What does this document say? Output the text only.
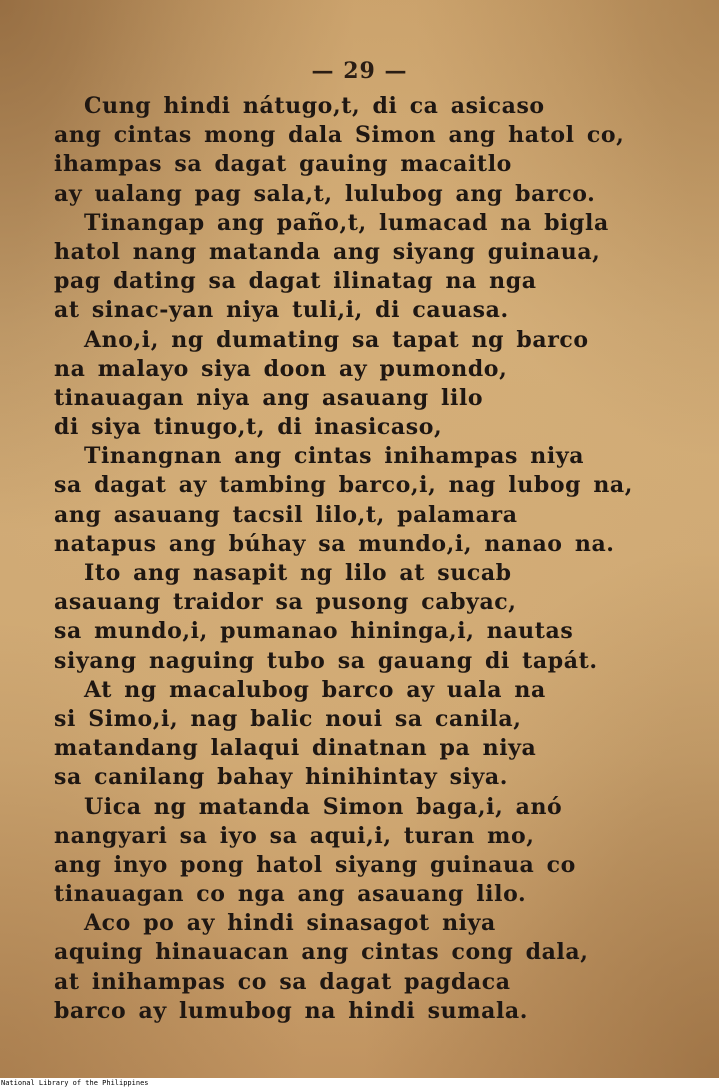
— 29 —
Cung hindi nátugo,t, di ca asicaso
ang cintas mong dala Simon ang hatol co,
ihampas sa dagat gauing macaitlo
ay ualang pag sala,t, lulubog ang barco.
Tinangap ang paño,t, lumacad na bigla
hatol nang matanda ang siyang guinaua,
pag dating sa dagat ilinatag na nga
at sinac-yan niya tuli,i, di cauasa.
Ano,i, ng dumating sa tapat ng barco
na malayo siya doon ay pumondo,
tinauagan niya ang asauang lilo
di siya tinugo,t, di inasicaso,
Tinangnan ang cintas inihampas niya
sa dagat ay tambing barco,i, nag lubog na,
ang asauang tacsil lilo,t, palamara
natapus ang búhay sa mundo,i, nanao na.
Ito ang nasapit ng lilo at sucab
asauang traidor sa pusong cabyac,
sa mundo,i, pumanao hininga,i, nautas
siyang naguing tubo sa gauang di tapát.
At ng macalubog barco ay uala na
si Simo,i, nag balic noui sa canila,
matandang lalaqui dinatnan pa niya
sa canilang bahay hinihintay siya.
Uica ng matanda Simon baga,i, anó
nangyari sa iyo sa aqui,i, turan mo,
ang inyo pong hatol siyang guinaua co
tinauagan co nga ang asauang lilo.
Aco po ay hindi sinasagot niya
aquing hinauacan ang cintas cong dala,
at inihampas co sa dagat pagdaca
barco ay lumubog na hindi sumala.
National Library of the Philippines
